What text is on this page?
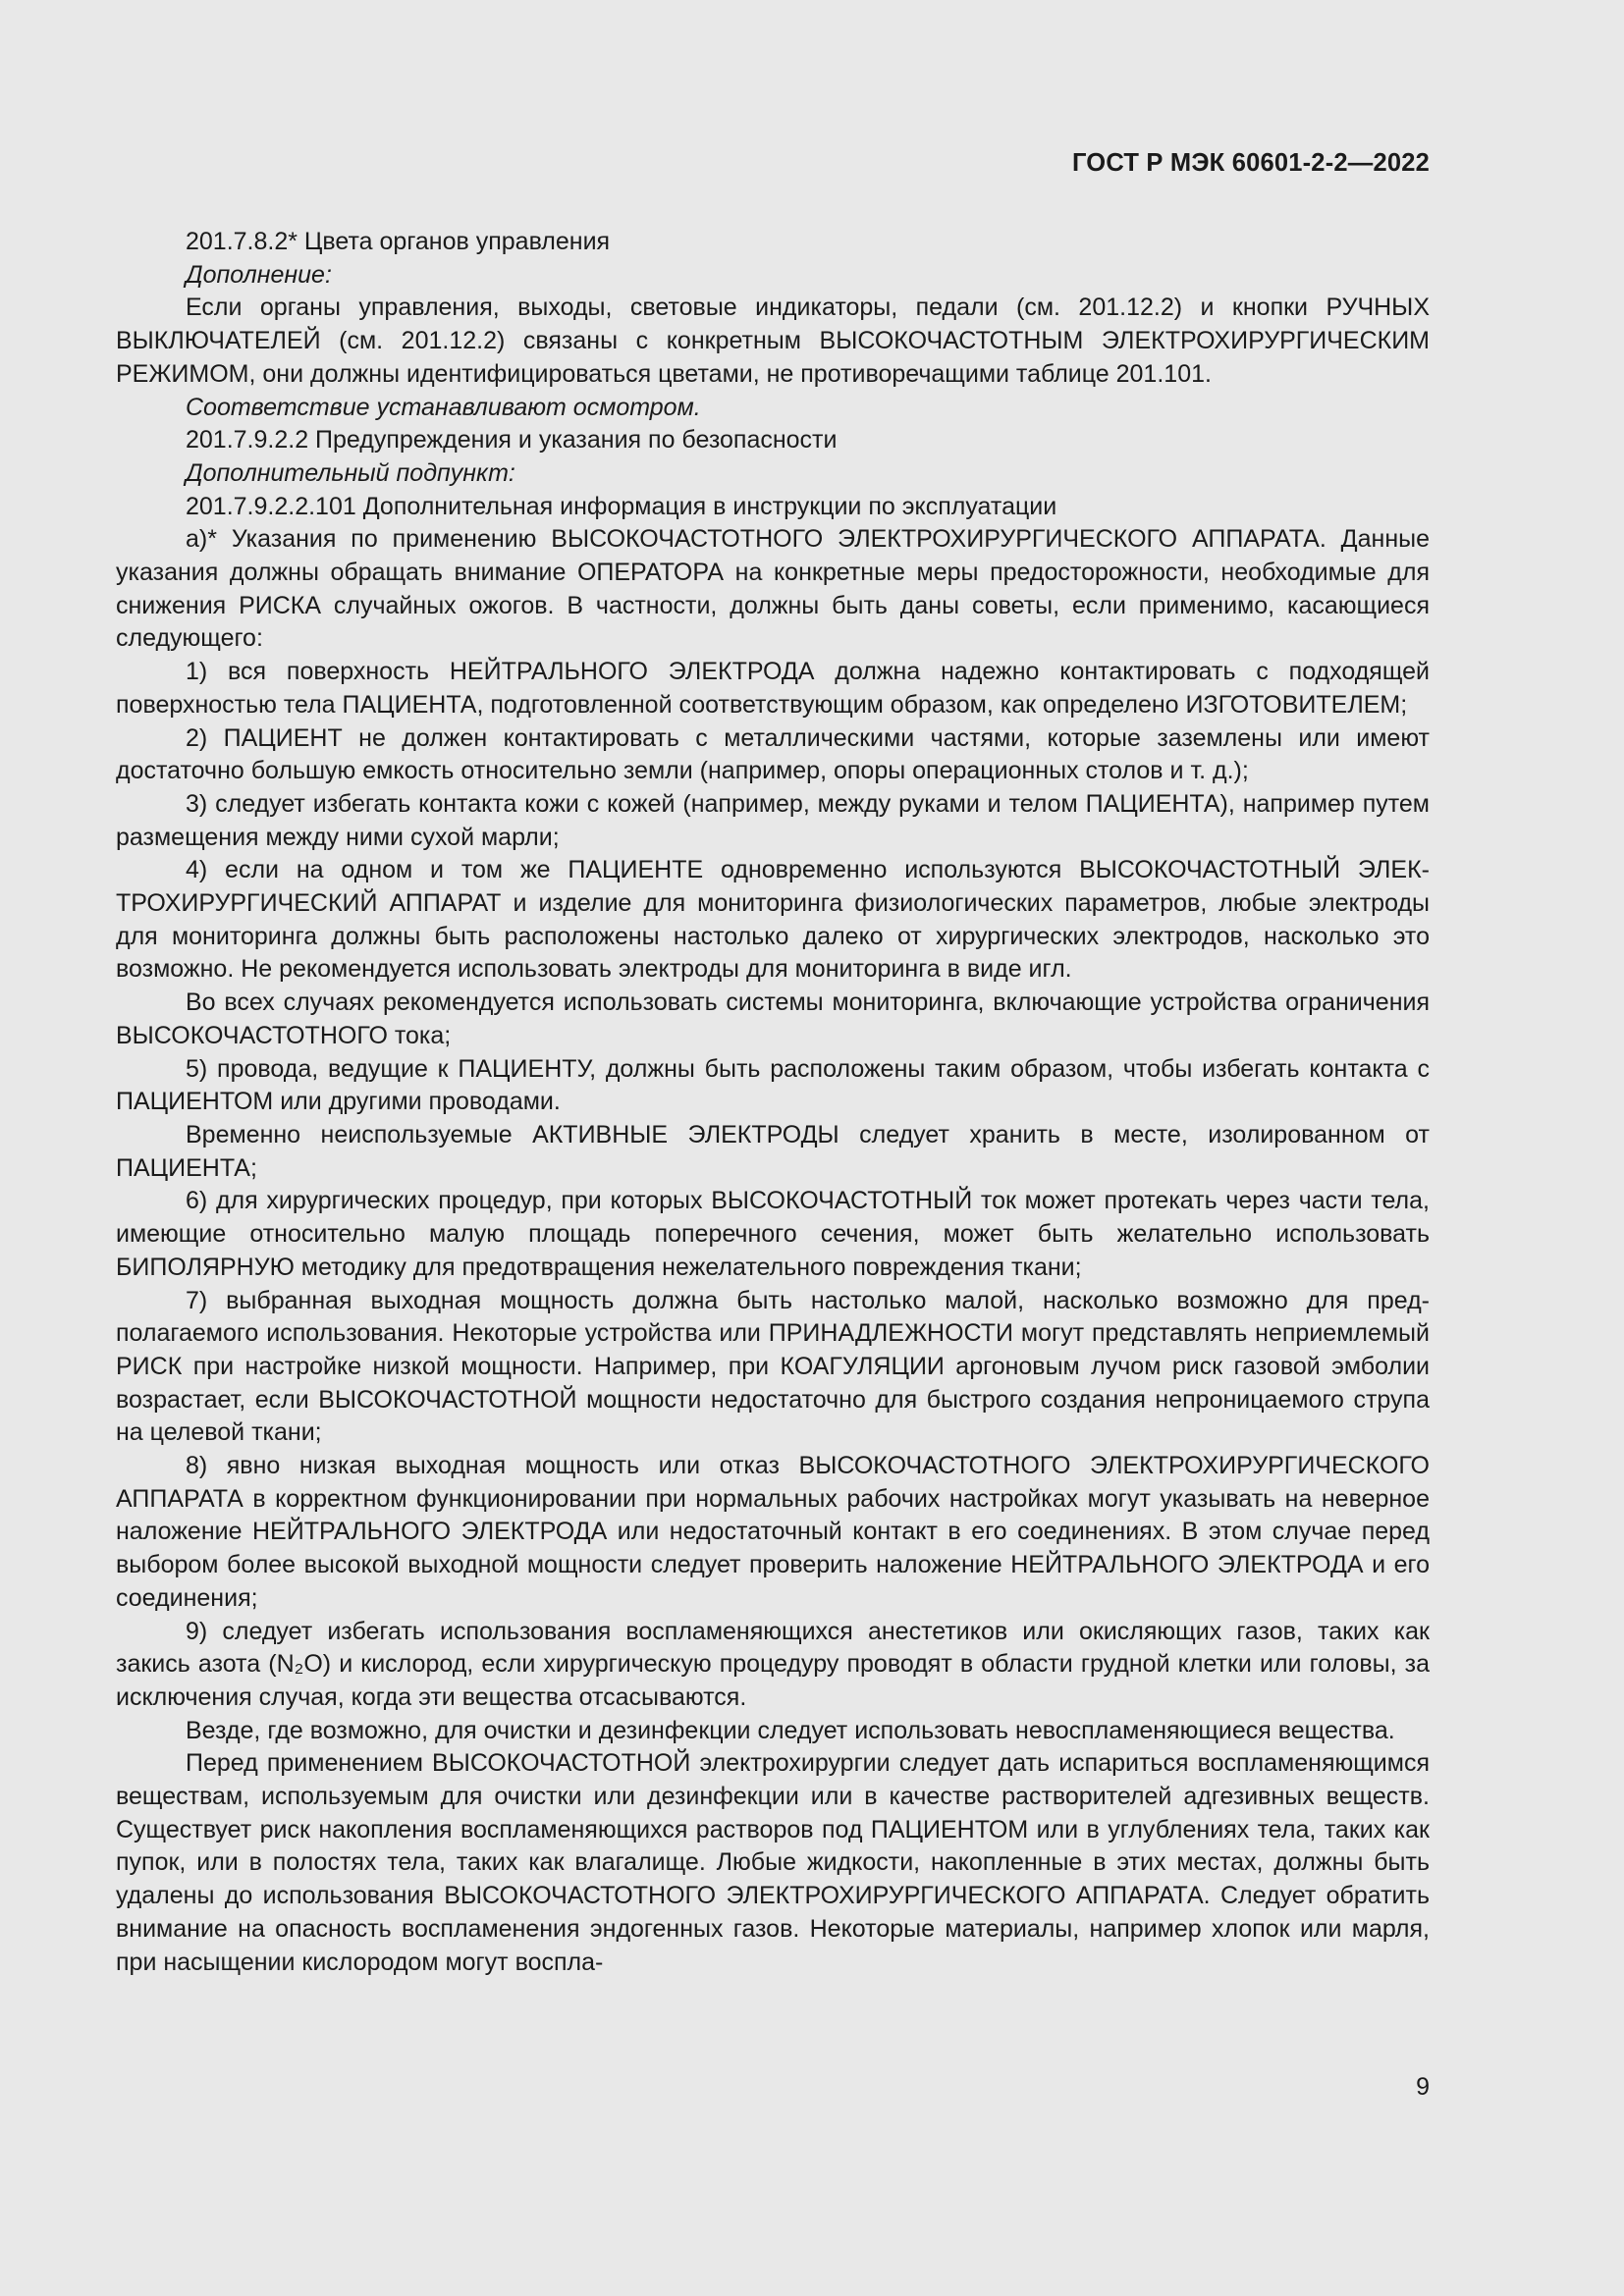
ГОСТ Р МЭК 60601-2-2—2022

201.7.8.2* Цвета органов управления

Дополнение:

Если органы управления, выходы, световые индикаторы, педали (см. 201.12.2) и кнопки РУЧНЫХ ВЫКЛЮЧАТЕЛЕЙ (см. 201.12.2) связаны с конкретным ВЫСОКОЧАСТОТНЫМ ЭЛЕКТРОХИРУРГИЧЕСКИМ РЕЖИМОМ, они должны идентифицироваться цветами, не противоречащими таблице 201.101.

Соответствие устанавливают осмотром.

201.7.9.2.2 Предупреждения и указания по безопасности

Дополнительный подпункт:

201.7.9.2.2.101 Дополнительная информация в инструкции по эксплуатации

a)* Указания по применению ВЫСОКОЧАСТОТНОГО ЭЛЕКТРОХИРУРГИЧЕСКОГО АППАРАТА. Данные указания должны обращать внимание ОПЕРАТОРА на конкретные меры предосторожности, необходимые для снижения РИСКА случайных ожогов. В частности, должны быть даны советы, если применимо, касающиеся следующего:

1) вся поверхность НЕЙТРАЛЬНОГО ЭЛЕКТРОДА должна надежно контактировать с подходящей поверхностью тела ПАЦИЕНТА, подготовленной соответствующим образом, как определено ИЗГОТОВИТЕЛЕМ;

2) ПАЦИЕНТ не должен контактировать с металлическими частями, которые заземлены или имеют достаточно большую емкость относительно земли (например, опоры операционных столов и т. д.);

3) следует избегать контакта кожи с кожей (например, между руками и телом ПАЦИЕНТА), например путем размещения между ними сухой марли;

4) если на одном и том же ПАЦИЕНТЕ одновременно используются ВЫСОКОЧАСТОТНЫЙ ЭЛЕКТРОХИРУРГИЧЕСКИЙ АППАРАТ и изделие для мониторинга физиологических параметров, любые электроды для мониторинга должны быть расположены настолько далеко от хирургических электродов, насколько это возможно. Не рекомендуется использовать электроды для мониторинга в виде игл.

Во всех случаях рекомендуется использовать системы мониторинга, включающие устройства ограничения ВЫСОКОЧАСТОТНОГО тока;

5) провода, ведущие к ПАЦИЕНТУ, должны быть расположены таким образом, чтобы избегать контакта с ПАЦИЕНТОМ или другими проводами.

Временно неиспользуемые АКТИВНЫЕ ЭЛЕКТРОДЫ следует хранить в месте, изолированном от ПАЦИЕНТА;

6) для хирургических процедур, при которых ВЫСОКОЧАСТОТНЫЙ ток может протекать через части тела, имеющие относительно малую площадь поперечного сечения, может быть желательно использовать БИПОЛЯРНУЮ методику для предотвращения нежелательного повреждения ткани;

7) выбранная выходная мощность должна быть настолько малой, насколько возможно для предполагаемого использования. Некоторые устройства или ПРИНАДЛЕЖНОСТИ могут представлять неприемлемый РИСК при настройке низкой мощности. Например, при КОАГУЛЯЦИИ аргоновым лучом риск газовой эмболии возрастает, если ВЫСОКОЧАСТОТНОЙ мощности недостаточно для быстрого создания непроницаемого струпа на целевой ткани;

8) явно низкая выходная мощность или отказ ВЫСОКОЧАСТОТНОГО ЭЛЕКТРОХИРУРГИЧЕСКОГО АППАРАТА в корректном функционировании при нормальных рабочих настройках могут указывать на неверное наложение НЕЙТРАЛЬНОГО ЭЛЕКТРОДА или недостаточный контакт в его соединениях. В этом случае перед выбором более высокой выходной мощности следует проверить наложение НЕЙТРАЛЬНОГО ЭЛЕКТРОДА и его соединения;

9) следует избегать использования воспламеняющихся анестетиков или окисляющих газов, таких как закись азота (N₂O) и кислород, если хирургическую процедуру проводят в области грудной клетки или головы, за исключения случая, когда эти вещества отсасываются.

Везде, где возможно, для очистки и дезинфекции следует использовать невоспламеняющиеся вещества.

Перед применением ВЫСОКОЧАСТОТНОЙ электрохирургии следует дать испариться воспламеняющимся веществам, используемым для очистки или дезинфекции или в качестве растворителей адгезивных веществ. Существует риск накопления воспламеняющихся растворов под ПАЦИЕНТОМ или в углублениях тела, таких как пупок, или в полостях тела, таких как влагалище. Любые жидкости, накопленные в этих местах, должны быть удалены до использования ВЫСОКОЧАСТОТНОГО ЭЛЕКТРОХИРУРГИЧЕСКОГО АППАРАТА. Следует обратить внимание на опасность воспламенения эндогенных газов. Некоторые материалы, например хлопок или марля, при насыщении кислородом могут воспла-

9
